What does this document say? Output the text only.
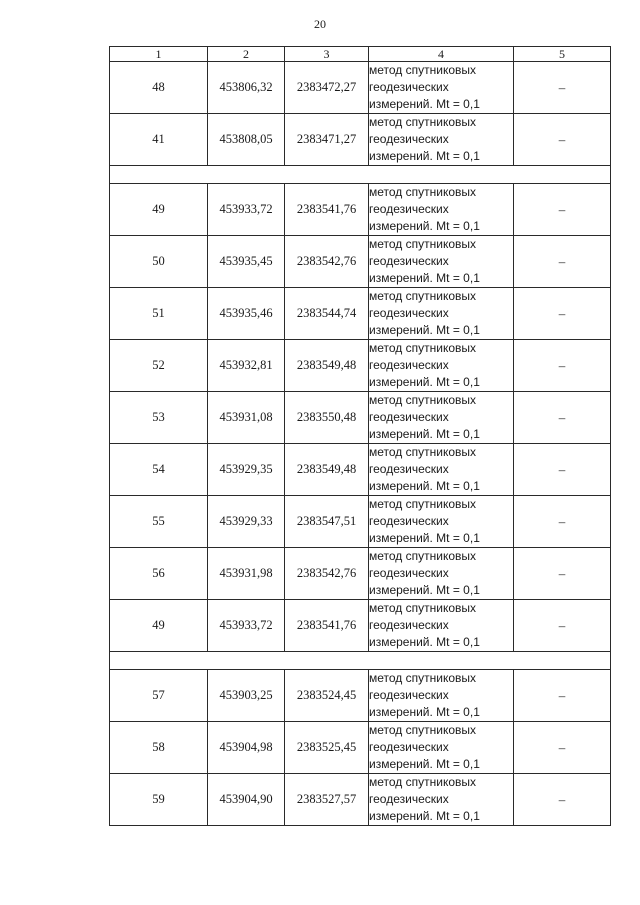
20
1	2	3	4	5
48	453806,32	2383472,27	метод спутниковых
геодезических
измерений. Mt = 0,1	–
41	453808,05	2383471,27	метод спутниковых
геодезических
измерений. Mt = 0,1	–

49	453933,72	2383541,76	метод спутниковых
геодезических
измерений. Mt = 0,1	–
50	453935,45	2383542,76	метод спутниковых
геодезических
измерений. Mt = 0,1	–
51	453935,46	2383544,74	метод спутниковых
геодезических
измерений. Mt = 0,1	–
52	453932,81	2383549,48	метод спутниковых
геодезических
измерений. Mt = 0,1	–
53	453931,08	2383550,48	метод спутниковых
геодезических
измерений. Mt = 0,1	–
54	453929,35	2383549,48	метод спутниковых
геодезических
измерений. Mt = 0,1	–
55	453929,33	2383547,51	метод спутниковых
геодезических
измерений. Mt = 0,1	–
56	453931,98	2383542,76	метод спутниковых
геодезических
измерений. Mt = 0,1	–
49	453933,72	2383541,76	метод спутниковых
геодезических
измерений. Mt = 0,1	–

57	453903,25	2383524,45	метод спутниковых
геодезических
измерений. Mt = 0,1	–
58	453904,98	2383525,45	метод спутниковых
геодезических
измерений. Mt = 0,1	–
59	453904,90	2383527,57	метод спутниковых
геодезических
измерений. Mt = 0,1	–
